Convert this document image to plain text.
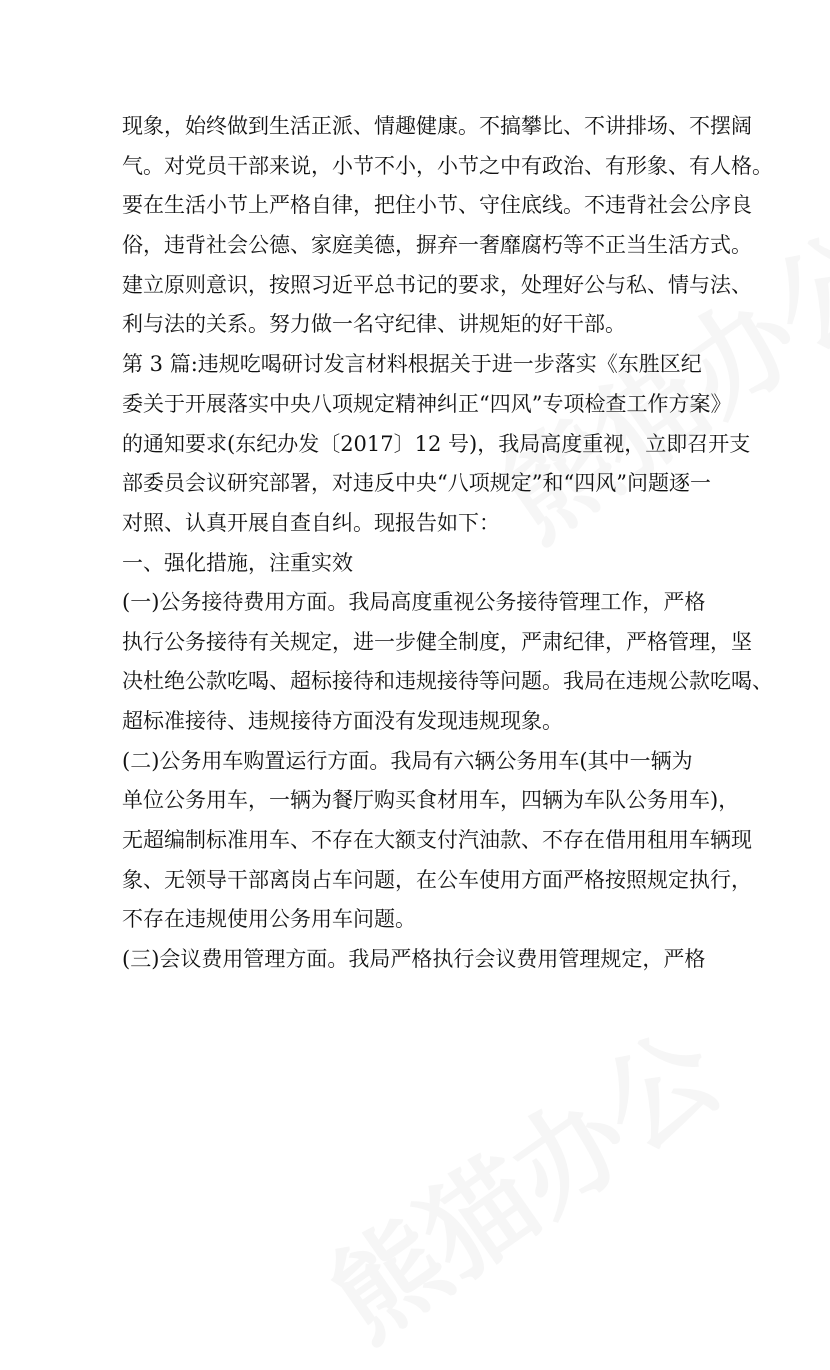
现象，始终做到生活正派、情趣健康。不搞攀比、不讲排场、不摆阔
气。对党员干部来说，小节不小，小节之中有政治、有形象、有人格。
要在生活小节上严格自律，把住小节、守住底线。不违背社会公序良
俗，违背社会公德、家庭美德，摒弃一奢靡腐朽等不正当生活方式。
建立原则意识，按照习近平总书记的要求，处理好公与私、情与法、
利与法的关系。努力做一名守纪律、讲规矩的好干部。
第 3 篇:违规吃喝研讨发言材料根据关于进一步落实《东胜区纪
委关于开展落实中央八项规定精神纠正“四风”专项检查工作方案》
的通知要求(东纪办发〔2017〕12 号)，我局高度重视，立即召开支
部委员会议研究部署，对违反中央“八项规定”和“四风”问题逐一
对照、认真开展自查自纠。现报告如下：
一、强化措施，注重实效
(一)公务接待费用方面。我局高度重视公务接待管理工作，严格
执行公务接待有关规定，进一步健全制度，严肃纪律，严格管理，坚
决杜绝公款吃喝、超标接待和违规接待等问题。我局在违规公款吃喝、
超标准接待、违规接待方面没有发现违规现象。
(二)公务用车购置运行方面。我局有六辆公务用车(其中一辆为
单位公务用车，一辆为餐厅购买食材用车，四辆为车队公务用车)，
无超编制标准用车、不存在大额支付汽油款、不存在借用租用车辆现
象、无领导干部离岗占车问题，在公车使用方面严格按照规定执行，
不存在违规使用公务用车问题。
(三)会议费用管理方面。我局严格执行会议费用管理规定，严格
